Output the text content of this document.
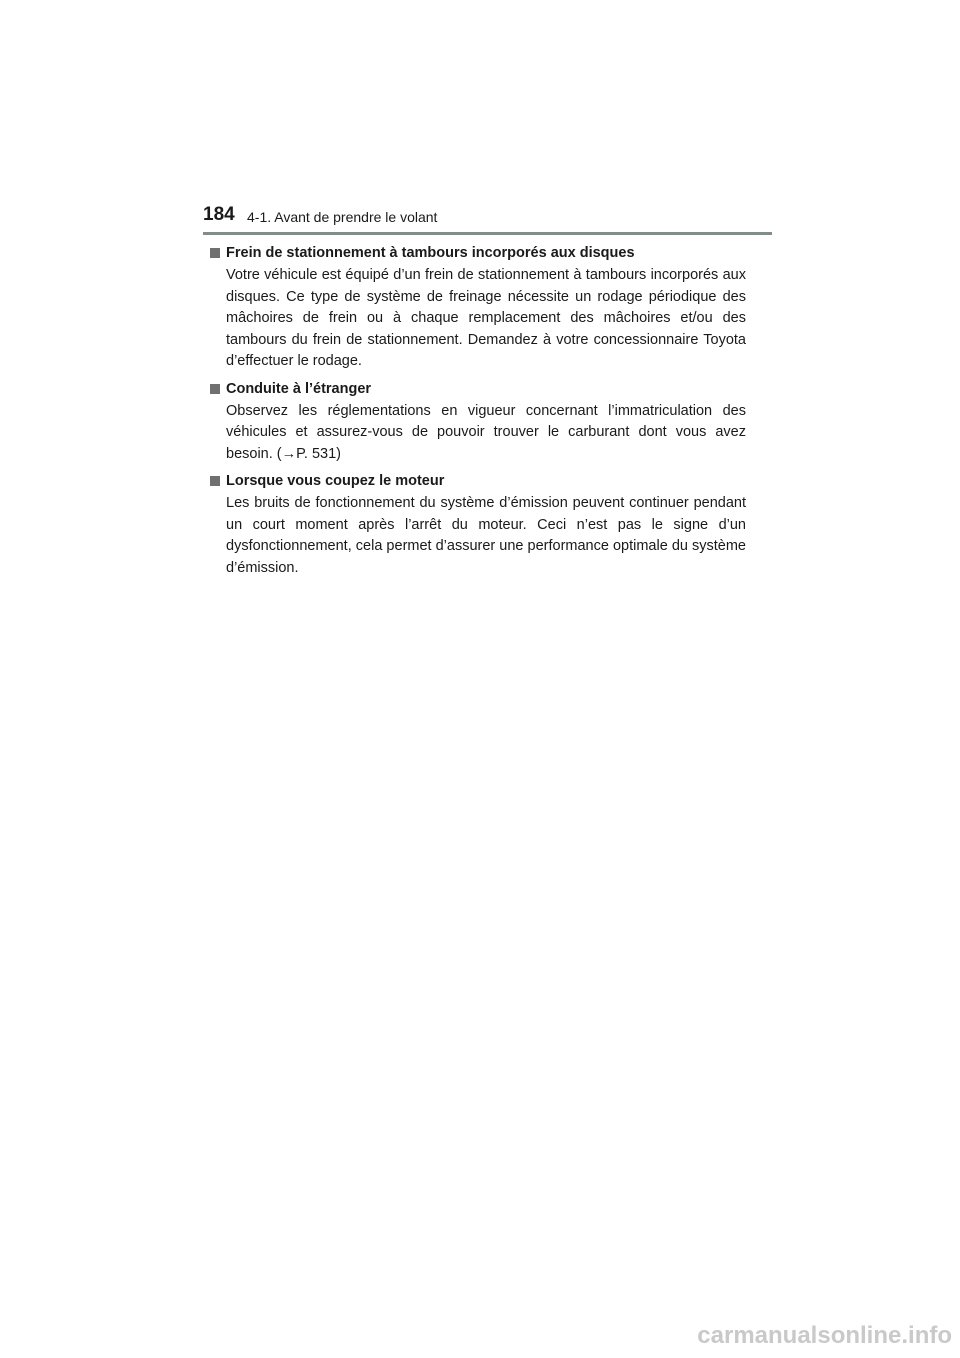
184 4-1. Avant de prendre le volant
Frein de stationnement à tambours incorporés aux disques
Votre véhicule est équipé d’un frein de stationnement à tambours incorporés aux disques. Ce type de système de freinage nécessite un rodage périodique des mâchoires de frein ou à chaque remplacement des mâchoires et/ou des tambours du frein de stationnement. Demandez à votre concessionnaire Toyota d’effectuer le rodage.
Conduite à l’étranger
Observez les réglementations en vigueur concernant l’immatriculation des véhicules et assurez-vous de pouvoir trouver le carburant dont vous avez besoin. (→P. 531)
Lorsque vous coupez le moteur
Les bruits de fonctionnement du système d’émission peuvent continuer pendant un court moment après l’arrêt du moteur. Ceci n’est pas le signe d’un dysfonctionnement, cela permet d’assurer une performance optimale du système d’émission.
carmanualsonline.info
